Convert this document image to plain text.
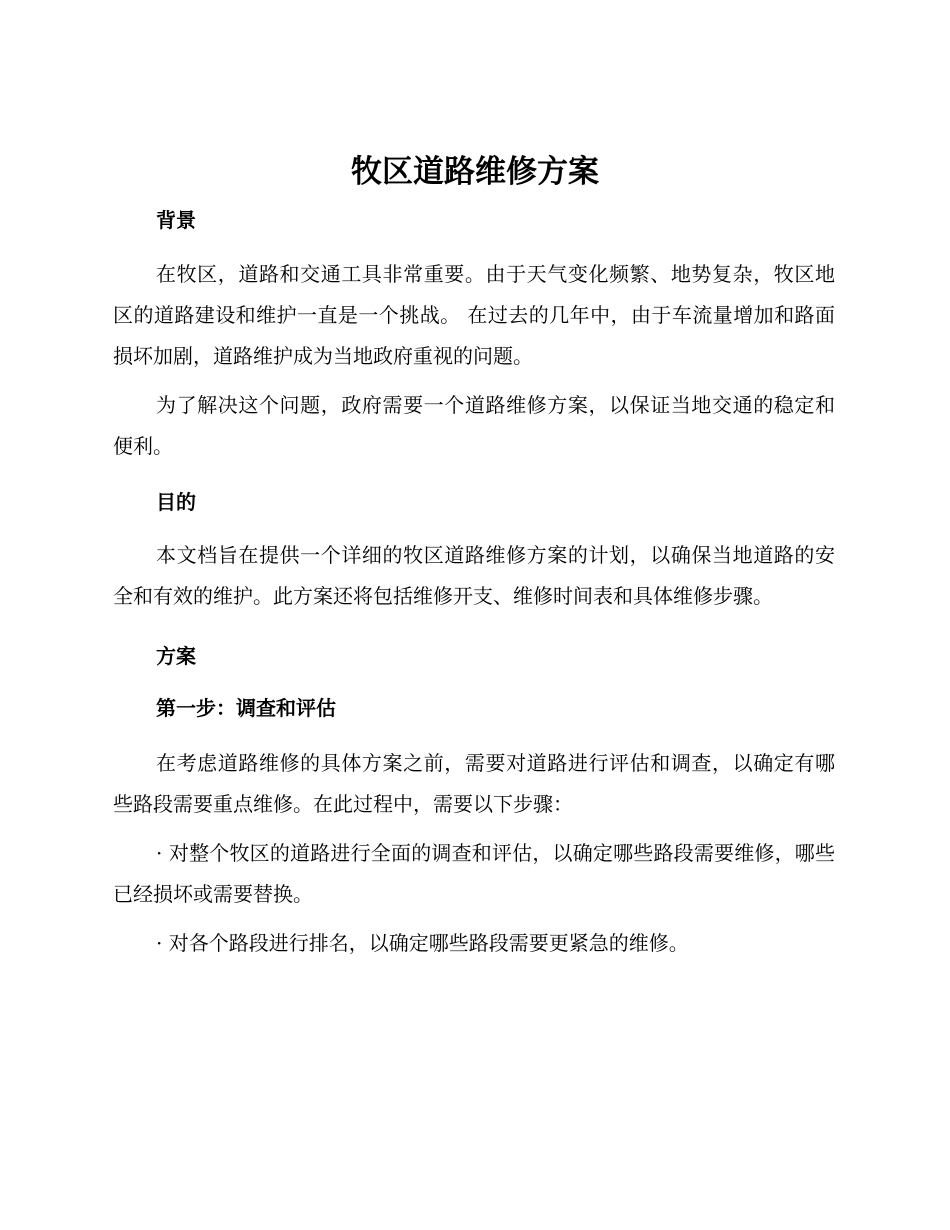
牧区道路维修方案

背景

在牧区，道路和交通工具非常重要。由于天气变化频繁、地势复杂，牧区地区的道路建设和维护一直是一个挑战。 在过去的几年中，由于车流量增加和路面损坏加剧，道路维护成为当地政府重视的问题。

为了解决这个问题，政府需要一个道路维修方案，以保证当地交通的稳定和便利。

目的

本文档旨在提供一个详细的牧区道路维修方案的计划，以确保当地道路的安全和有效的维护。此方案还将包括维修开支、维修时间表和具体维修步骤。

方案

第一步：调查和评估

在考虑道路维修的具体方案之前，需要对道路进行评估和调查，以确定有哪些路段需要重点维修。在此过程中，需要以下步骤：

· 对整个牧区的道路进行全面的调查和评估，以确定哪些路段需要维修，哪些已经损坏或需要替换。

· 对各个路段进行排名，以确定哪些路段需要更紧急的维修。
